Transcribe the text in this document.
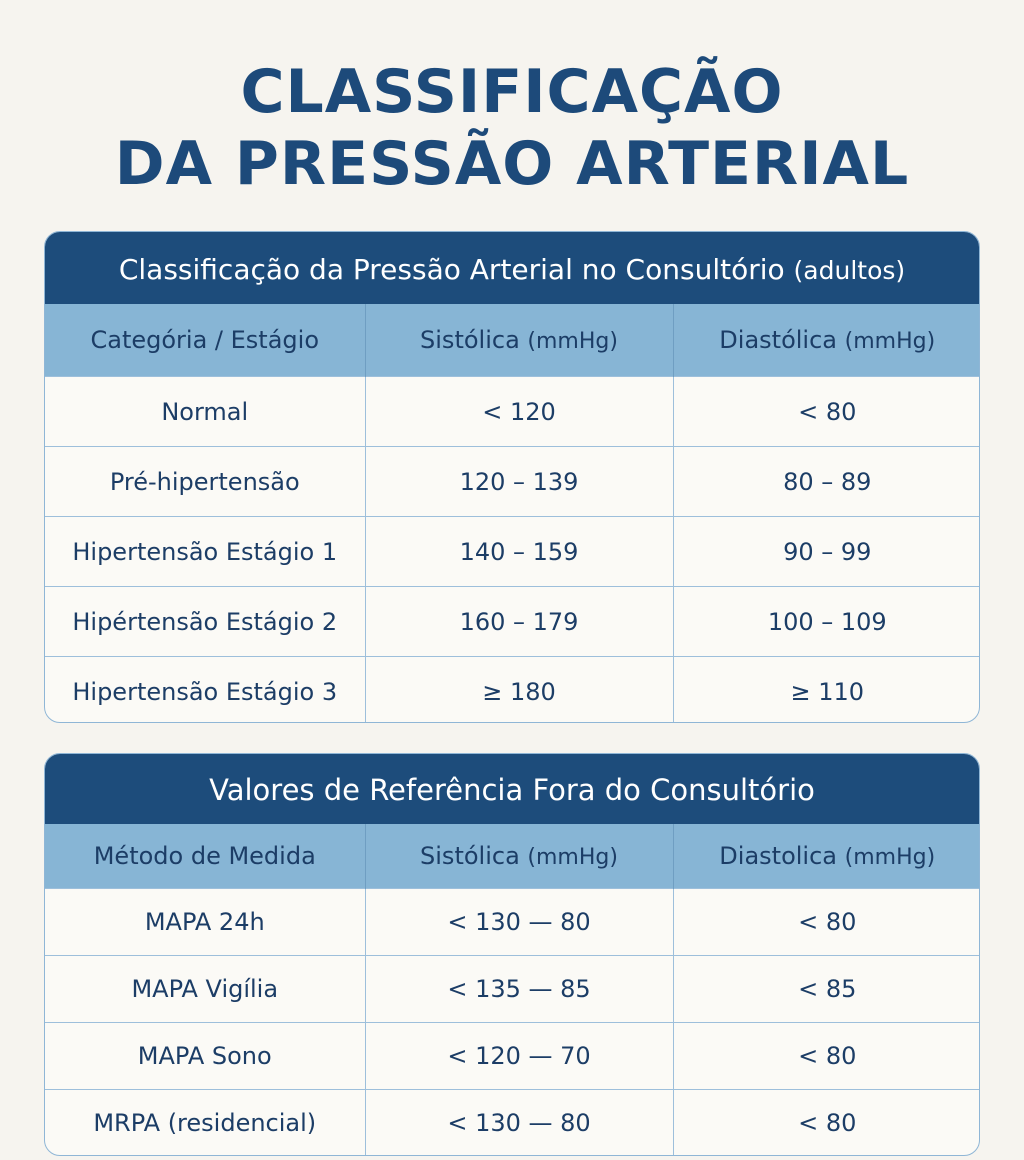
CLASSIFICAÇÃO
DA PRESSÃO ARTERIAL
Classificação da Pressão Arterial no Consultório (adultos)
Categória / Estágio	Sistólica (mmHg)	Diastólica (mmHg)
Normal	< 120	< 80
Pré-hipertensão	120 – 139	80 – 89
Hipertensão Estágio 1	140 – 159	90 – 99
Hipértensão Estágio 2	160 – 179	100 – 109
Hipertensão Estágio 3	≥ 180	≥ 110
Valores de Referência Fora do Consultório
Método de Medida	Sistólica (mmHg)	Diastolica (mmHg)
MAPA 24h	< 130 — 80	< 80
MAPA Vigília	< 135 — 85	< 85
MAPA Sono	< 120 — 70	< 80
MRPA (residencial)	< 130 — 80	< 80
